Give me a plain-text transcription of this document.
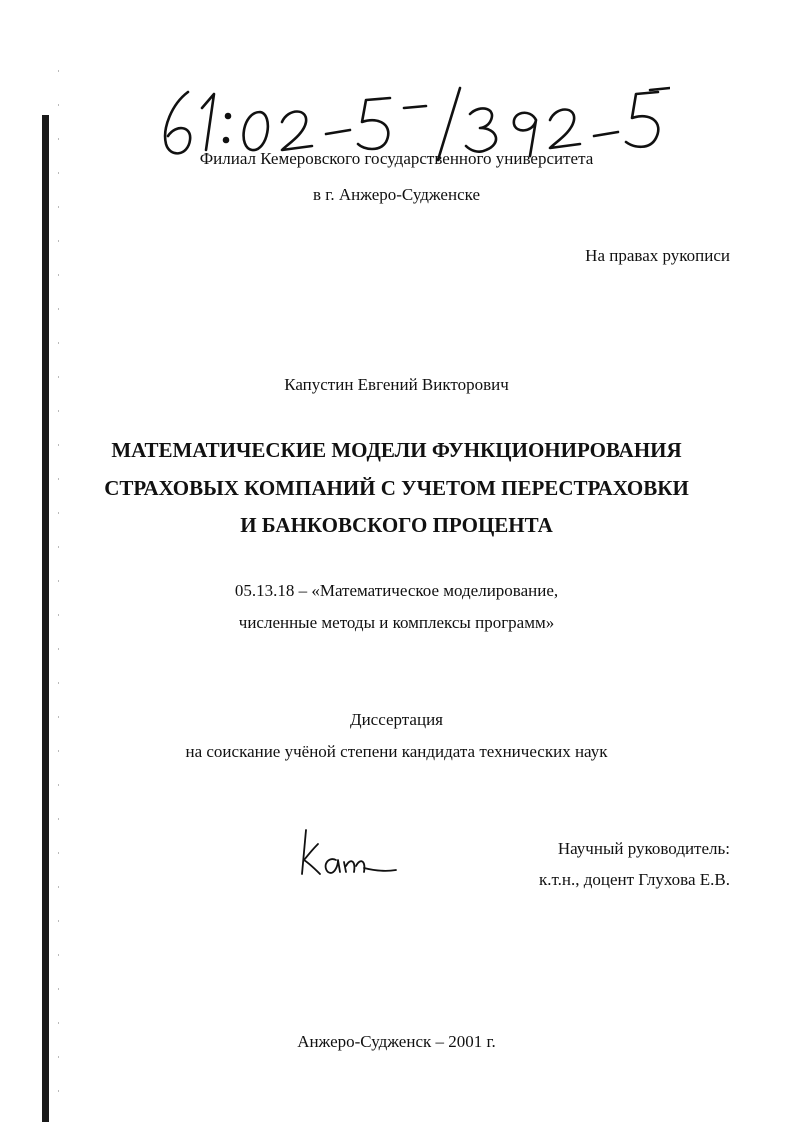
Филиал Кемеровского государственного университета
в г. Анжеро-Судженске
На правах рукописи
Капустин Евгений Викторович
МАТЕМАТИЧЕСКИЕ МОДЕЛИ ФУНКЦИОНИРОВАНИЯ
СТРАХОВЫХ КОМПАНИЙ С УЧЕТОМ ПЕРЕСТРАХОВКИ
И БАНКОВСКОГО ПРОЦЕНТА
05.13.18 – «Математическое моделирование,
численные методы и комплексы программ»
Диссертация
на соискание учёной степени кандидата технических наук
Научный руководитель:
к.т.н., доцент Глухова Е.В.
Анжеро-Судженск – 2001 г.
